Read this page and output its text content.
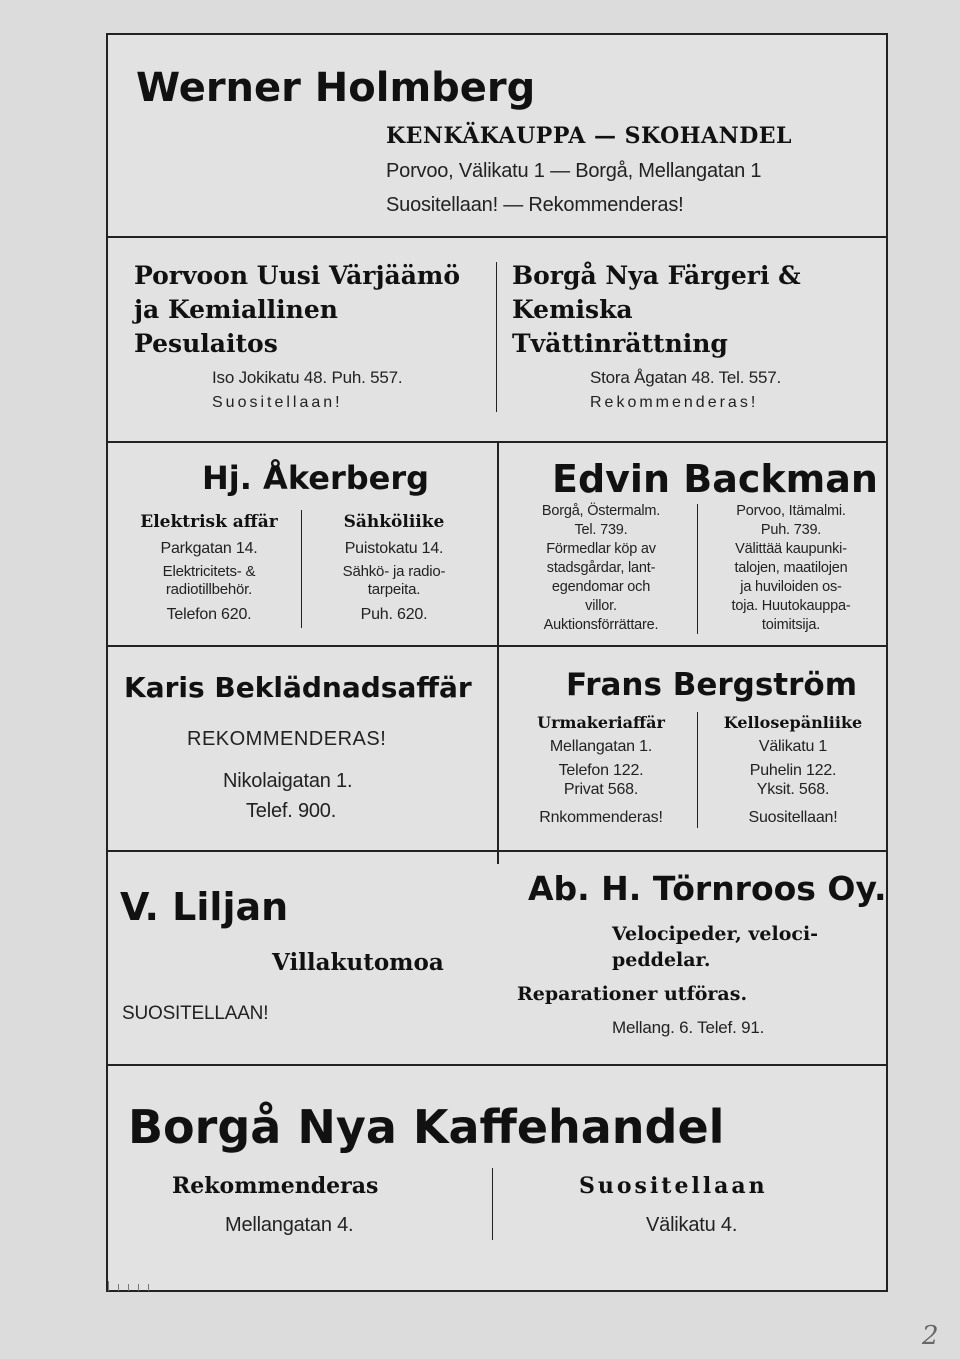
Werner Holmberg
KENKÄKAUPPA — SKOHANDEL
Porvoo, Välikatu 1 — Borgå, Mellangatan 1
Suositellaan! — Rekommenderas!
Porvoon Uusi Värjäämö
ja Kemiallinen
Pesulaitos
Iso Jokikatu 48. Puh. 557.
Suositellaan!
Borgå Nya Färgeri &
Kemiska
Tvättinrättning
Stora Ågatan 48. Tel. 557.
Rekommenderas!
Hj. Åkerberg
Elektrisk affär
Parkgatan 14.
Elektricitets- &
radiotillbehör.
Telefon 620.
Sähköliike
Puistokatu 14.
Sähkö- ja radio-
tarpeita.
Puh. 620.
Edvin Backman
Borgå, Östermalm.
Tel. 739.
Förmedlar köp av
stadsgårdar, lant-
egendomar och
villor.
Auktionsförrättare.
Porvoo, Itämalmi.
Puh. 739.
Välittää kaupunki-
talojen, maatilojen
ja huviloiden os-
toja. Huutokauppa-
toimitsija.
Karis Beklädnadsaffär
REKOMMENDERAS!
Nikolaigatan 1.
Telef. 900.
Frans Bergström
Urmakeriaffär
Mellangatan 1.
Telefon 122.
Privat 568.
Rnkommenderas!
Kellosepänliike
Välikatu 1
Puhelin 122.
Yksit. 568.
Suositellaan!
V. Liljan
Villakutomoa
SUOSITELLAAN!
Ab. H. Törnroos Oy.
Velocipeder, veloci-
peddelar.
Reparationer utföras.
Mellang. 6. Telef. 91.
Borgå Nya Kaffehandel
Rekommenderas
Mellangatan 4.
Suositellaan
Välikatu 4.
2
